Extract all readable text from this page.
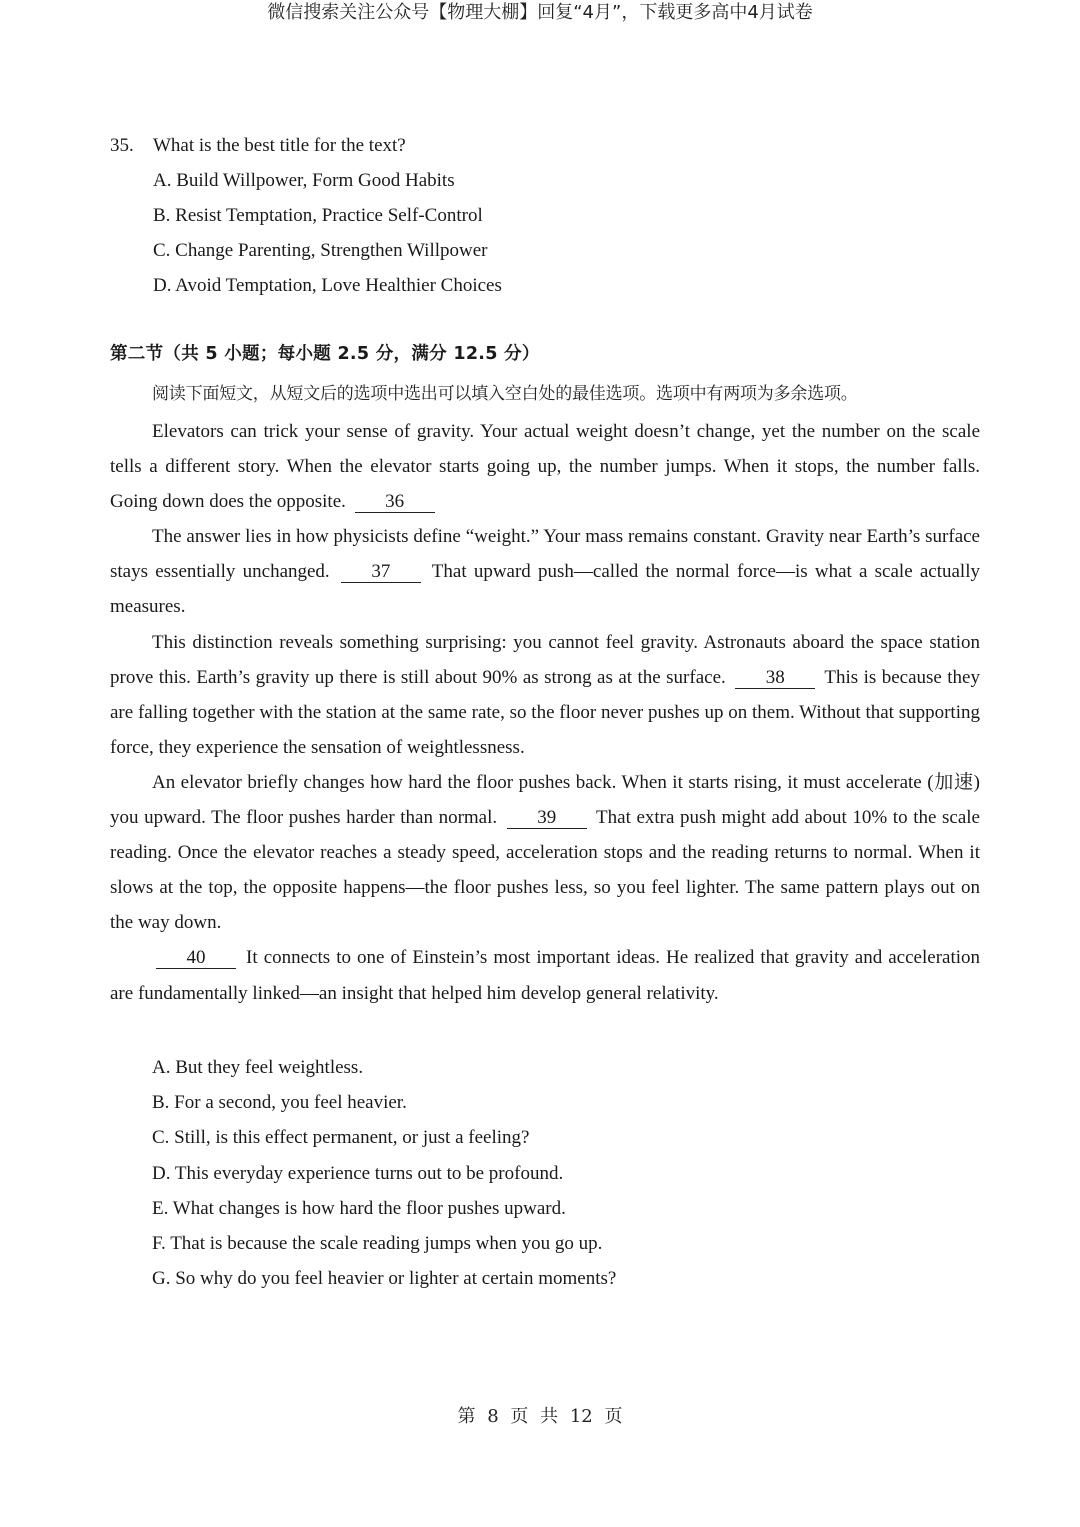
微信搜索关注公众号【物理大棚】回复“4月”，下载更多高中4月试卷
35.	What is the best title for the text?
A. Build Willpower, Form Good Habits
B. Resist Temptation, Practice Self-Control
C. Change Parenting, Strengthen Willpower
D. Avoid Temptation, Love Healthier Choices
第二节（共 5 小题；每小题 2.5 分，满分 12.5 分）
阅读下面短文，从短文后的选项中选出可以填入空白处的最佳选项。选项中有两项为多余选项。

Elevators can trick your sense of gravity. Your actual weight doesn’t change, yet the number on the scale tells a different story. When the elevator starts going up, the number jumps. When it stops, the number falls. Going down does the opposite. 36

The answer lies in how physicists define “weight.” Your mass remains constant. Gravity near Earth’s surface stays essentially unchanged. 37 That upward push—called the normal force—is what a scale actually measures.

This distinction reveals something surprising: you cannot feel gravity. Astronauts aboard the space station prove this. Earth’s gravity up there is still about 90% as strong as at the surface. 38 This is because they are falling together with the station at the same rate, so the floor never pushes up on them. Without that supporting force, they experience the sensation of weightlessness.

An elevator briefly changes how hard the floor pushes back. When it starts rising, it must accelerate (加速) you upward. The floor pushes harder than normal. 39 That extra push might add about 10% to the scale reading. Once the elevator reaches a steady speed, acceleration stops and the reading returns to normal. When it slows at the top, the opposite happens—the floor pushes less, so you feel lighter. The same pattern plays out on the way down.

40 It connects to one of Einstein’s most important ideas. He realized that gravity and acceleration are fundamentally linked—an insight that helped him develop general relativity.

A. But they feel weightless.
B. For a second, you feel heavier.
C. Still, is this effect permanent, or just a feeling?
D. This everyday experience turns out to be profound.
E. What changes is how hard the floor pushes upward.
F. That is because the scale reading jumps when you go up.
G. So why do you feel heavier or lighter at certain moments?
第 8 页 共 12 页
